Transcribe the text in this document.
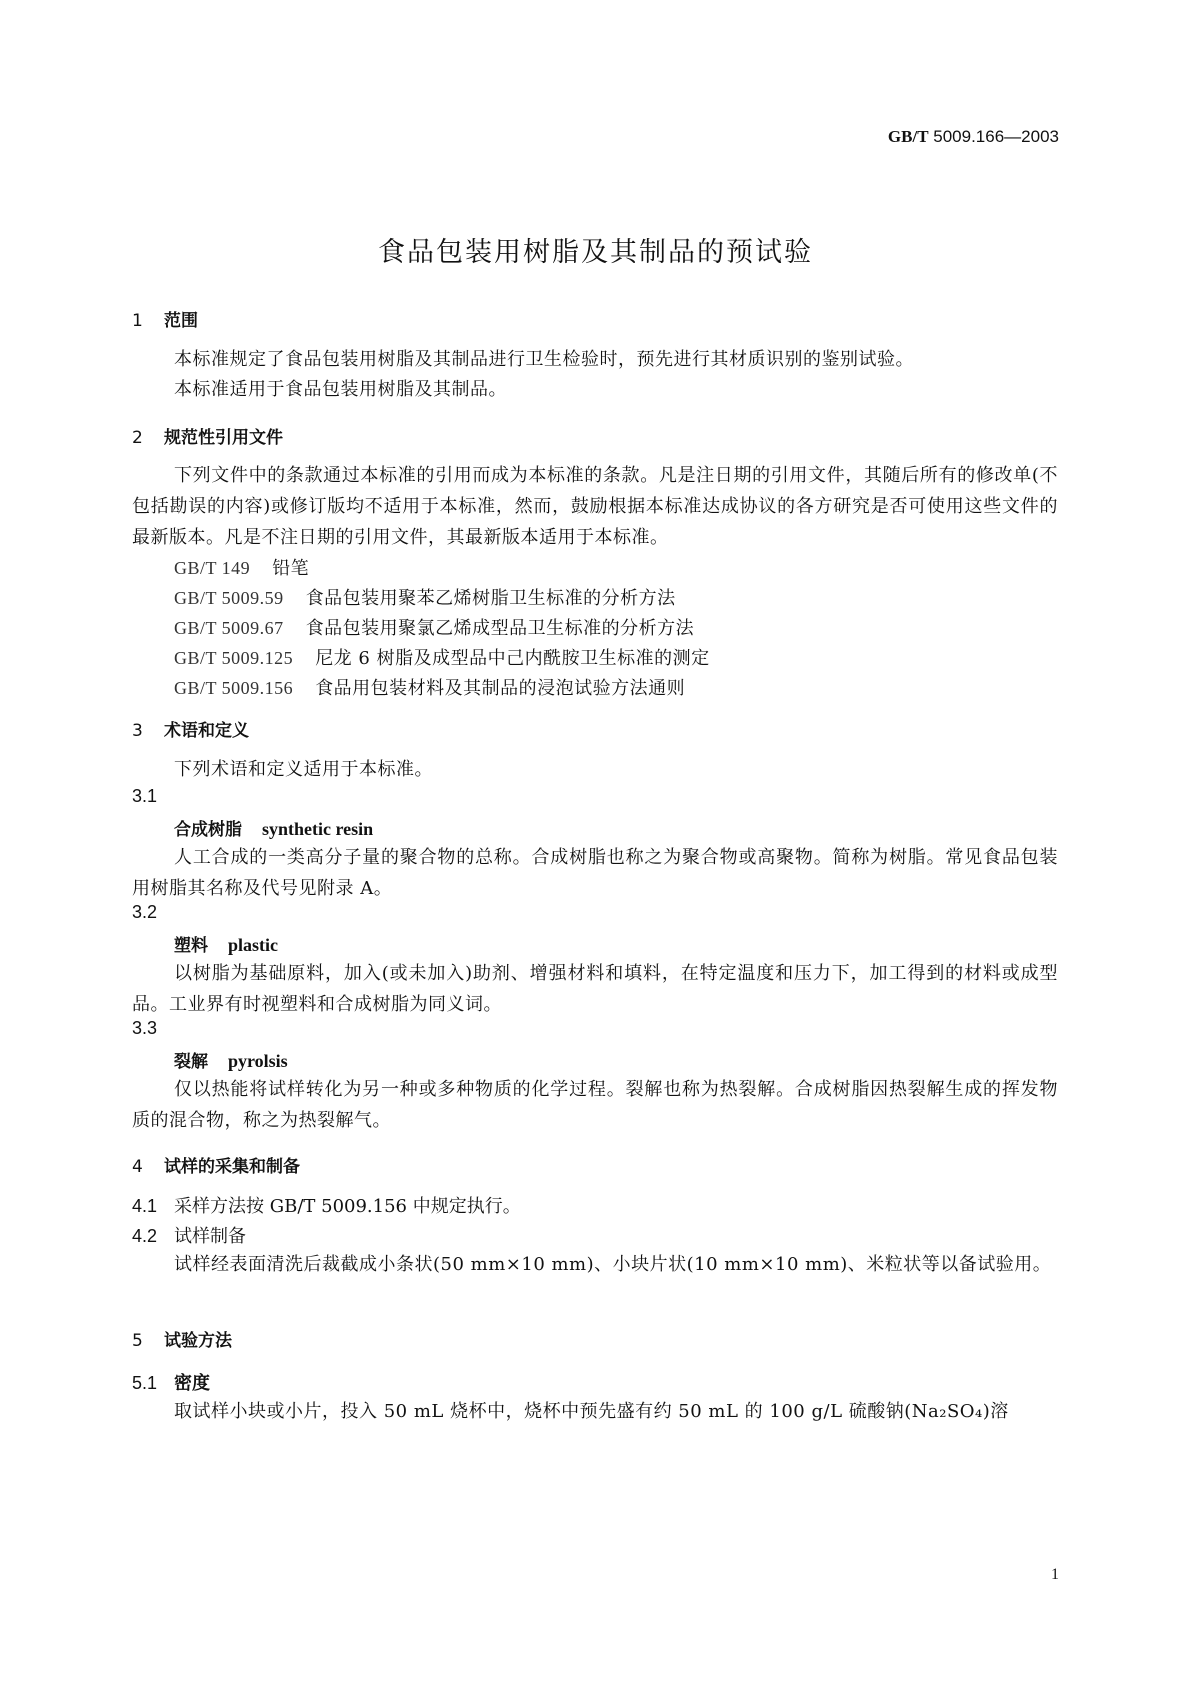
GB/T 5009.166—2003
食品包装用树脂及其制品的预试验
1 范围
本标准规定了食品包装用树脂及其制品进行卫生检验时，预先进行其材质识别的鉴别试验。
本标准适用于食品包装用树脂及其制品。
2 规范性引用文件
下列文件中的条款通过本标准的引用而成为本标准的条款。凡是注日期的引用文件，其随后所有的修改单(不包括勘误的内容)或修订版均不适用于本标准，然而，鼓励根据本标准达成协议的各方研究是否可使用这些文件的最新版本。凡是不注日期的引用文件，其最新版本适用于本标准。
GB/T 149 铅笔
GB/T 5009.59 食品包装用聚苯乙烯树脂卫生标准的分析方法
GB/T 5009.67 食品包装用聚氯乙烯成型品卫生标准的分析方法
GB/T 5009.125 尼龙 6 树脂及成型品中己内酰胺卫生标准的测定
GB/T 5009.156 食品用包装材料及其制品的浸泡试验方法通则
3 术语和定义
下列术语和定义适用于本标准。
3.1
合成树脂 synthetic resin
人工合成的一类高分子量的聚合物的总称。合成树脂也称之为聚合物或高聚物。简称为树脂。常见食品包装用树脂其名称及代号见附录 A。
3.2
塑料 plastic
以树脂为基础原料，加入(或未加入)助剂、增强材料和填料，在特定温度和压力下，加工得到的材料或成型品。工业界有时视塑料和合成树脂为同义词。
3.3
裂解 pyrolsis
仅以热能将试样转化为另一种或多种物质的化学过程。裂解也称为热裂解。合成树脂因热裂解生成的挥发物质的混合物，称之为热裂解气。
4 试样的采集和制备
4.1 采样方法按 GB/T 5009.156 中规定执行。
4.2 试样制备
试样经表面清洗后裁截成小条状(50 mm×10 mm)、小块片状(10 mm×10 mm)、米粒状等以备试验用。
5 试验方法
5.1 密度
取试样小块或小片，投入 50 mL 烧杯中，烧杯中预先盛有约 50 mL 的 100 g/L 硫酸钠(Na₂SO₄)溶
1
